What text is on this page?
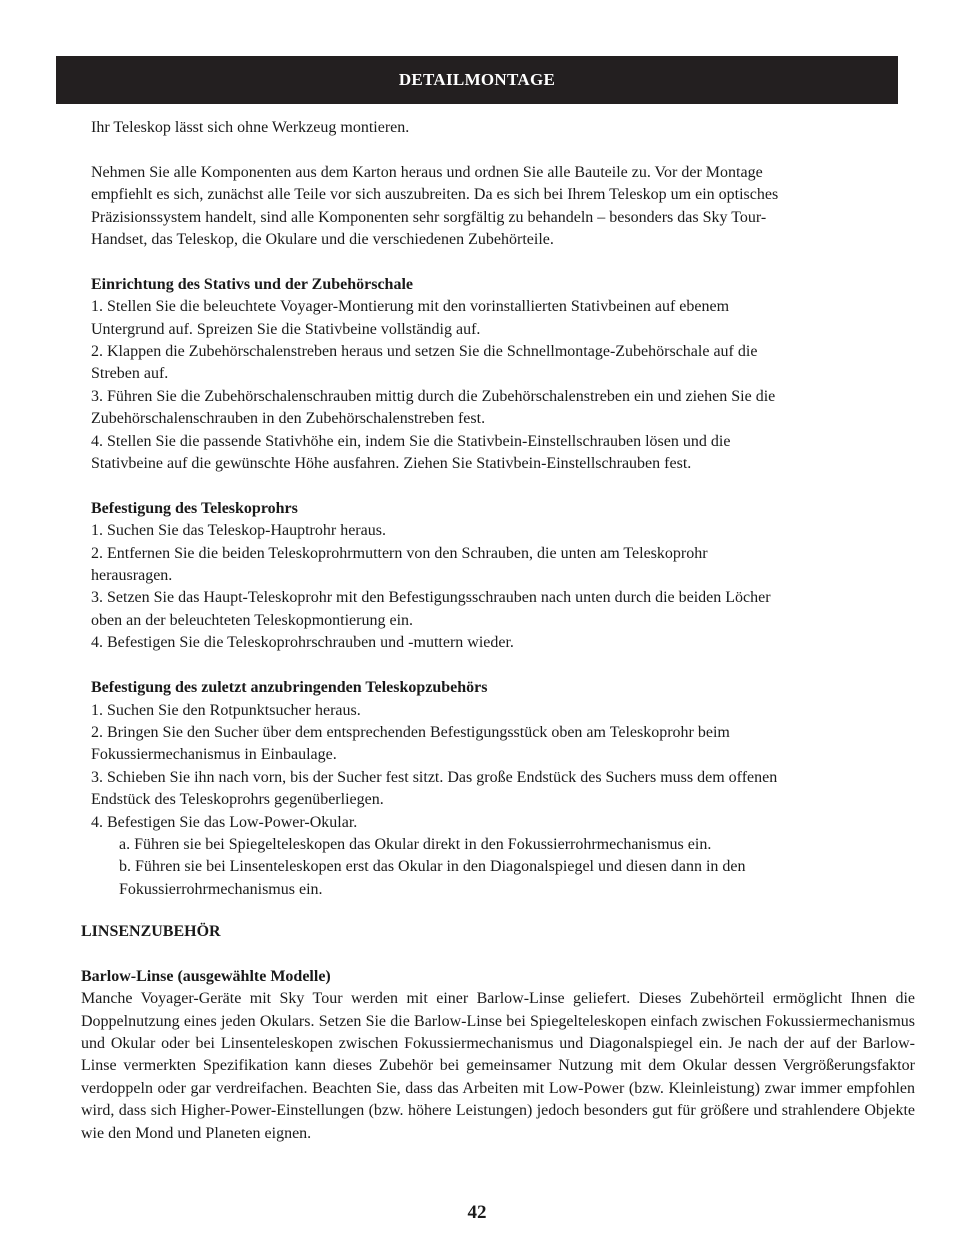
DETAILMONTAGE

Ihr Teleskop lässt sich ohne Werkzeug montieren.

Nehmen Sie alle Komponenten aus dem Karton heraus und ordnen Sie alle Bauteile zu. Vor der Montage

empfiehlt es sich, zunächst alle Teile vor sich auszubreiten. Da es sich bei Ihrem Teleskop um ein optisches

Präzisionssystem handelt, sind alle Komponenten sehr sorgfältig zu behandeln – besonders das Sky Tour-

Handset, das Teleskop, die Okulare und die verschiedenen Zubehörteile.

Einrichtung des Stativs und der Zubehörschale

1. Stellen Sie die beleuchtete Voyager-Montierung mit den vorinstallierten Stativbeinen auf ebenem

Untergrund auf. Spreizen Sie die Stativbeine vollständig auf.

2. Klappen die Zubehörschalenstreben heraus und setzen Sie die Schnellmontage-Zubehörschale auf die

Streben auf.

3. Führen Sie die Zubehörschalenschrauben mittig durch die Zubehörschalenstreben ein und ziehen Sie die

Zubehörschalenschrauben in den Zubehörschalenstreben fest.

4. Stellen Sie die passende Stativhöhe ein, indem Sie die Stativbein-Einstellschrauben lösen und die

Stativbeine auf die gewünschte Höhe ausfahren. Ziehen Sie Stativbein-Einstellschrauben fest.

Befestigung des Teleskoprohrs

1. Suchen Sie das Teleskop-Hauptrohr heraus.

2. Entfernen Sie die beiden Teleskoprohrmuttern von den Schrauben, die unten am Teleskoprohr

herausragen.

3. Setzen Sie das Haupt-Teleskoprohr mit den Befestigungsschrauben nach unten durch die beiden Löcher

oben an der beleuchteten Teleskopmontierung ein.

4. Befestigen Sie die Teleskoprohrschrauben und -muttern wieder.

Befestigung des zuletzt anzubringenden Teleskopzubehörs

1. Suchen Sie den Rotpunktsucher heraus.

2. Bringen Sie den Sucher über dem entsprechenden Befestigungsstück oben am Teleskoprohr beim

Fokussiermechanismus in Einbaulage.

3. Schieben Sie ihn nach vorn, bis der Sucher fest sitzt. Das große Endstück des Suchers muss dem offenen

Endstück des Teleskoprohrs gegenüberliegen.

4. Befestigen Sie das Low-Power-Okular.

a. Führen sie bei Spiegelteleskopen das Okular direkt in den Fokussierrohrmechanismus ein.

b. Führen sie bei Linsenteleskopen erst das Okular in den Diagonalspiegel und diesen dann in den

Fokussierrohrmechanismus ein.

LINSENZUBEHÖR

Barlow-Linse (ausgewählte Modelle)

Manche Voyager-Geräte mit Sky Tour werden mit einer Barlow-Linse geliefert. Dieses Zubehörteil ermöglicht Ihnen die Doppelnutzung eines jeden Okulars. Setzen Sie die Barlow-Linse bei Spiegelteleskopen einfach zwischen Fokussiermechanismus und Okular oder bei Linsenteleskopen zwischen Fokussiermechanismus und Diagonalspiegel ein. Je nach der auf der Barlow-Linse vermerkten Spezifikation kann dieses Zubehör bei gemeinsamer Nutzung mit dem Okular dessen Vergrößerungsfaktor verdoppeln oder gar verdreifachen. Beachten Sie, dass das Arbeiten mit Low-Power (bzw. Kleinleistung) zwar immer empfohlen wird, dass sich Higher-Power-Einstellungen (bzw. höhere Leistungen) jedoch besonders gut für größere und strahlendere Objekte wie den Mond und Planeten eignen.

42
